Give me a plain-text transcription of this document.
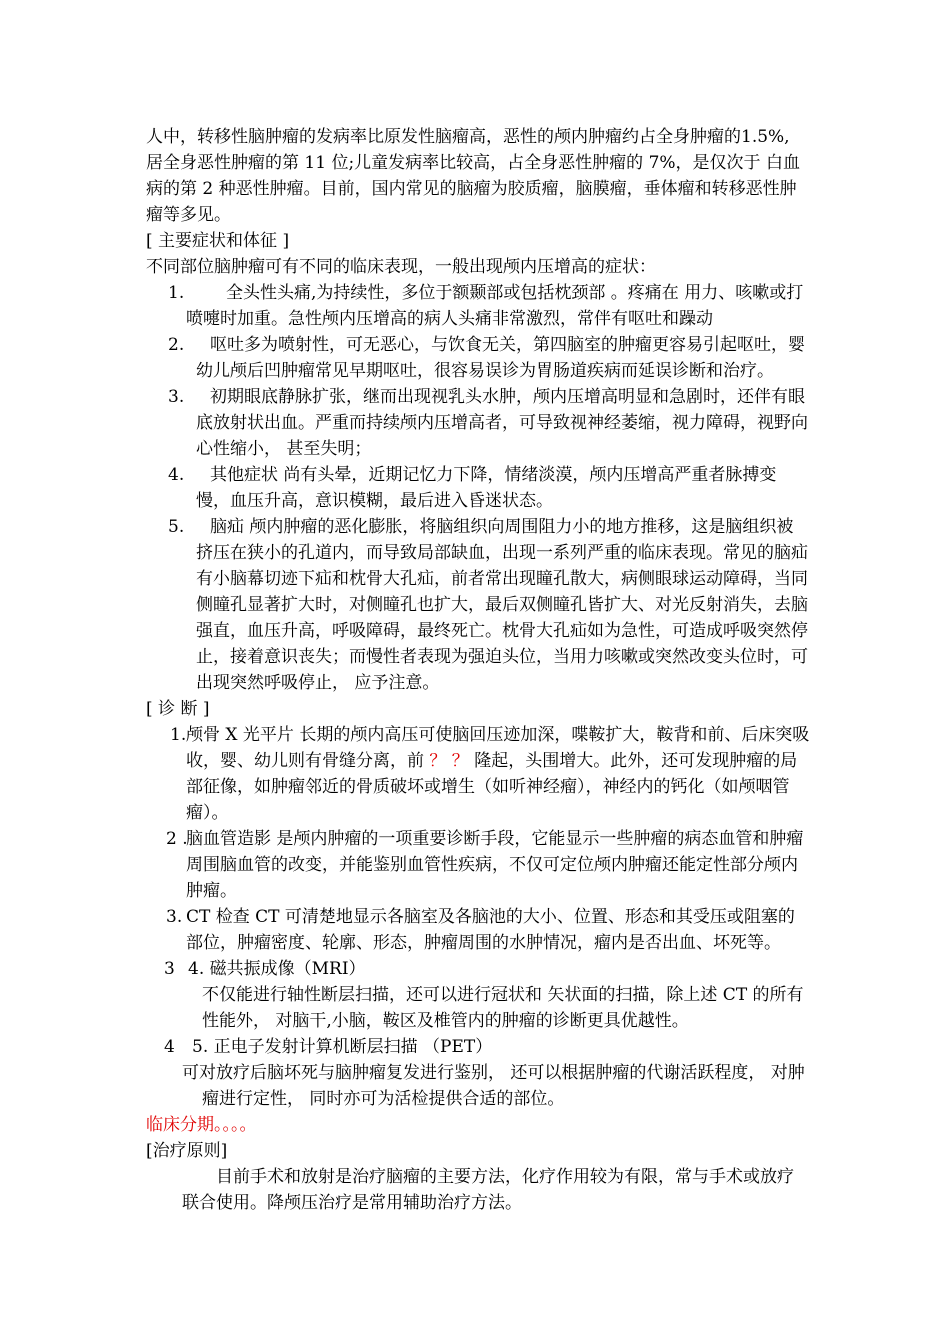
人中，转移性脑肿瘤的发病率比原发性脑瘤高，恶性的颅内肿瘤约占全身肿瘤的1.5%, 居全身恶性肿瘤的第 11 位;儿童发病率比较高，占全身恶性肿瘤的 7%，是仅次于 白血病的第 2 种恶性肿瘤。目前，国内常见的脑瘤为胶质瘤，脑膜瘤，垂体瘤和转移恶性肿瘤等多见。

[ 主要症状和体征 ]

不同部位脑肿瘤可有不同的临床表现，一般出现颅内压增高的症状：

1.	全头性头痛,为持续性，多位于额颞部或包括枕颈部 。疼痛在 用力、咳嗽或打喷嚏时加重。急性颅内压增高的病人头痛非常激烈，常伴有呕吐和躁动
2.	呕吐多为喷射性，可无恶心，与饮食无关，第四脑室的肿瘤更容易引起呕吐，婴幼儿颅后凹肿瘤常见早期呕吐，很容易误诊为胃肠道疾病而延误诊断和治疗。
3.	初期眼底静脉扩张，继而出现视乳头水肿，颅内压增高明显和急剧时，还伴有眼底放射状出血。严重而持续颅内压增高者，可导致视神经萎缩，视力障碍，视野向心性缩小， 甚至失明；
4.	其他症状 尚有头晕，近期记忆力下降，情绪淡漠，颅内压增高严重者脉搏变慢，血压升高，意识模糊，最后进入昏迷状态。
5.	脑疝 颅内肿瘤的恶化膨胀，将脑组织向周围阻力小的地方推移，这是脑组织被挤压在狭小的孔道内，而导致局部缺血，出现一系列严重的临床表现。常见的脑疝有小脑幕切迹下疝和枕骨大孔疝，前者常出现瞳孔散大，病侧眼球运动障碍，当同侧瞳孔显著扩大时，对侧瞳孔也扩大，最后双侧瞳孔皆扩大、对光反射消失，去脑强直，血压升高，呼吸障碍，最终死亡。枕骨大孔疝如为急性，可造成呼吸突然停止，接着意识丧失；而慢性者表现为强迫头位，当用力咳嗽或突然改变头位时，可出现突然呼吸停止， 应予注意。

[ 诊 断 ]

1. 颅骨 X 光平片 长期的颅内高压可使脑回压迹加深，喋鞍扩大，鞍背和前、后床突吸收，婴、幼儿则有骨缝分离，前 ？ ？ 隆起，头围增大。此外，还可发现肿瘤的局部征像，如肿瘤邻近的骨质破坏或增生（如听神经瘤），神经内的钙化（如颅咽管瘤）。
2 .
脑血管造影 是颅内肿瘤的一项重要诊断手段，它能显示一些肿瘤的病态血管和肿瘤周围脑血管的改变，并能鉴别血管性疾病，不仅可定位颅内肿瘤还能定性部分颅内肿瘤。
3. CT 检查 CT 可清楚地显示各脑室及各脑池的大小、位置、形态和其受压或阻塞的部位，肿瘤密度、轮廓、形态，肿瘤周围的水肿情况，瘤内是否出血、坏死等。
3 4. 磁共振成像（MRI）
不仅能进行轴性断层扫描，还可以进行冠状和 矢状面的扫描，除上述 CT 的所有性能外， 对脑干,小脑，鞍区及椎管内的肿瘤的诊断更具优越性。
4	5. 正电子发射计算机断层扫描 （PET）
可对放疗后脑坏死与脑肿瘤复发进行鉴别， 还可以根据肿瘤的代谢活跃程度， 对肿瘤进行定性， 同时亦可为活检提供合适的部位。

临床分期。。。。

[治疗原则]

目前手术和放射是治疗脑瘤的主要方法，化疗作用较为有限，常与手术或放疗联合使用。降颅压治疗是常用辅助治疗方法。
